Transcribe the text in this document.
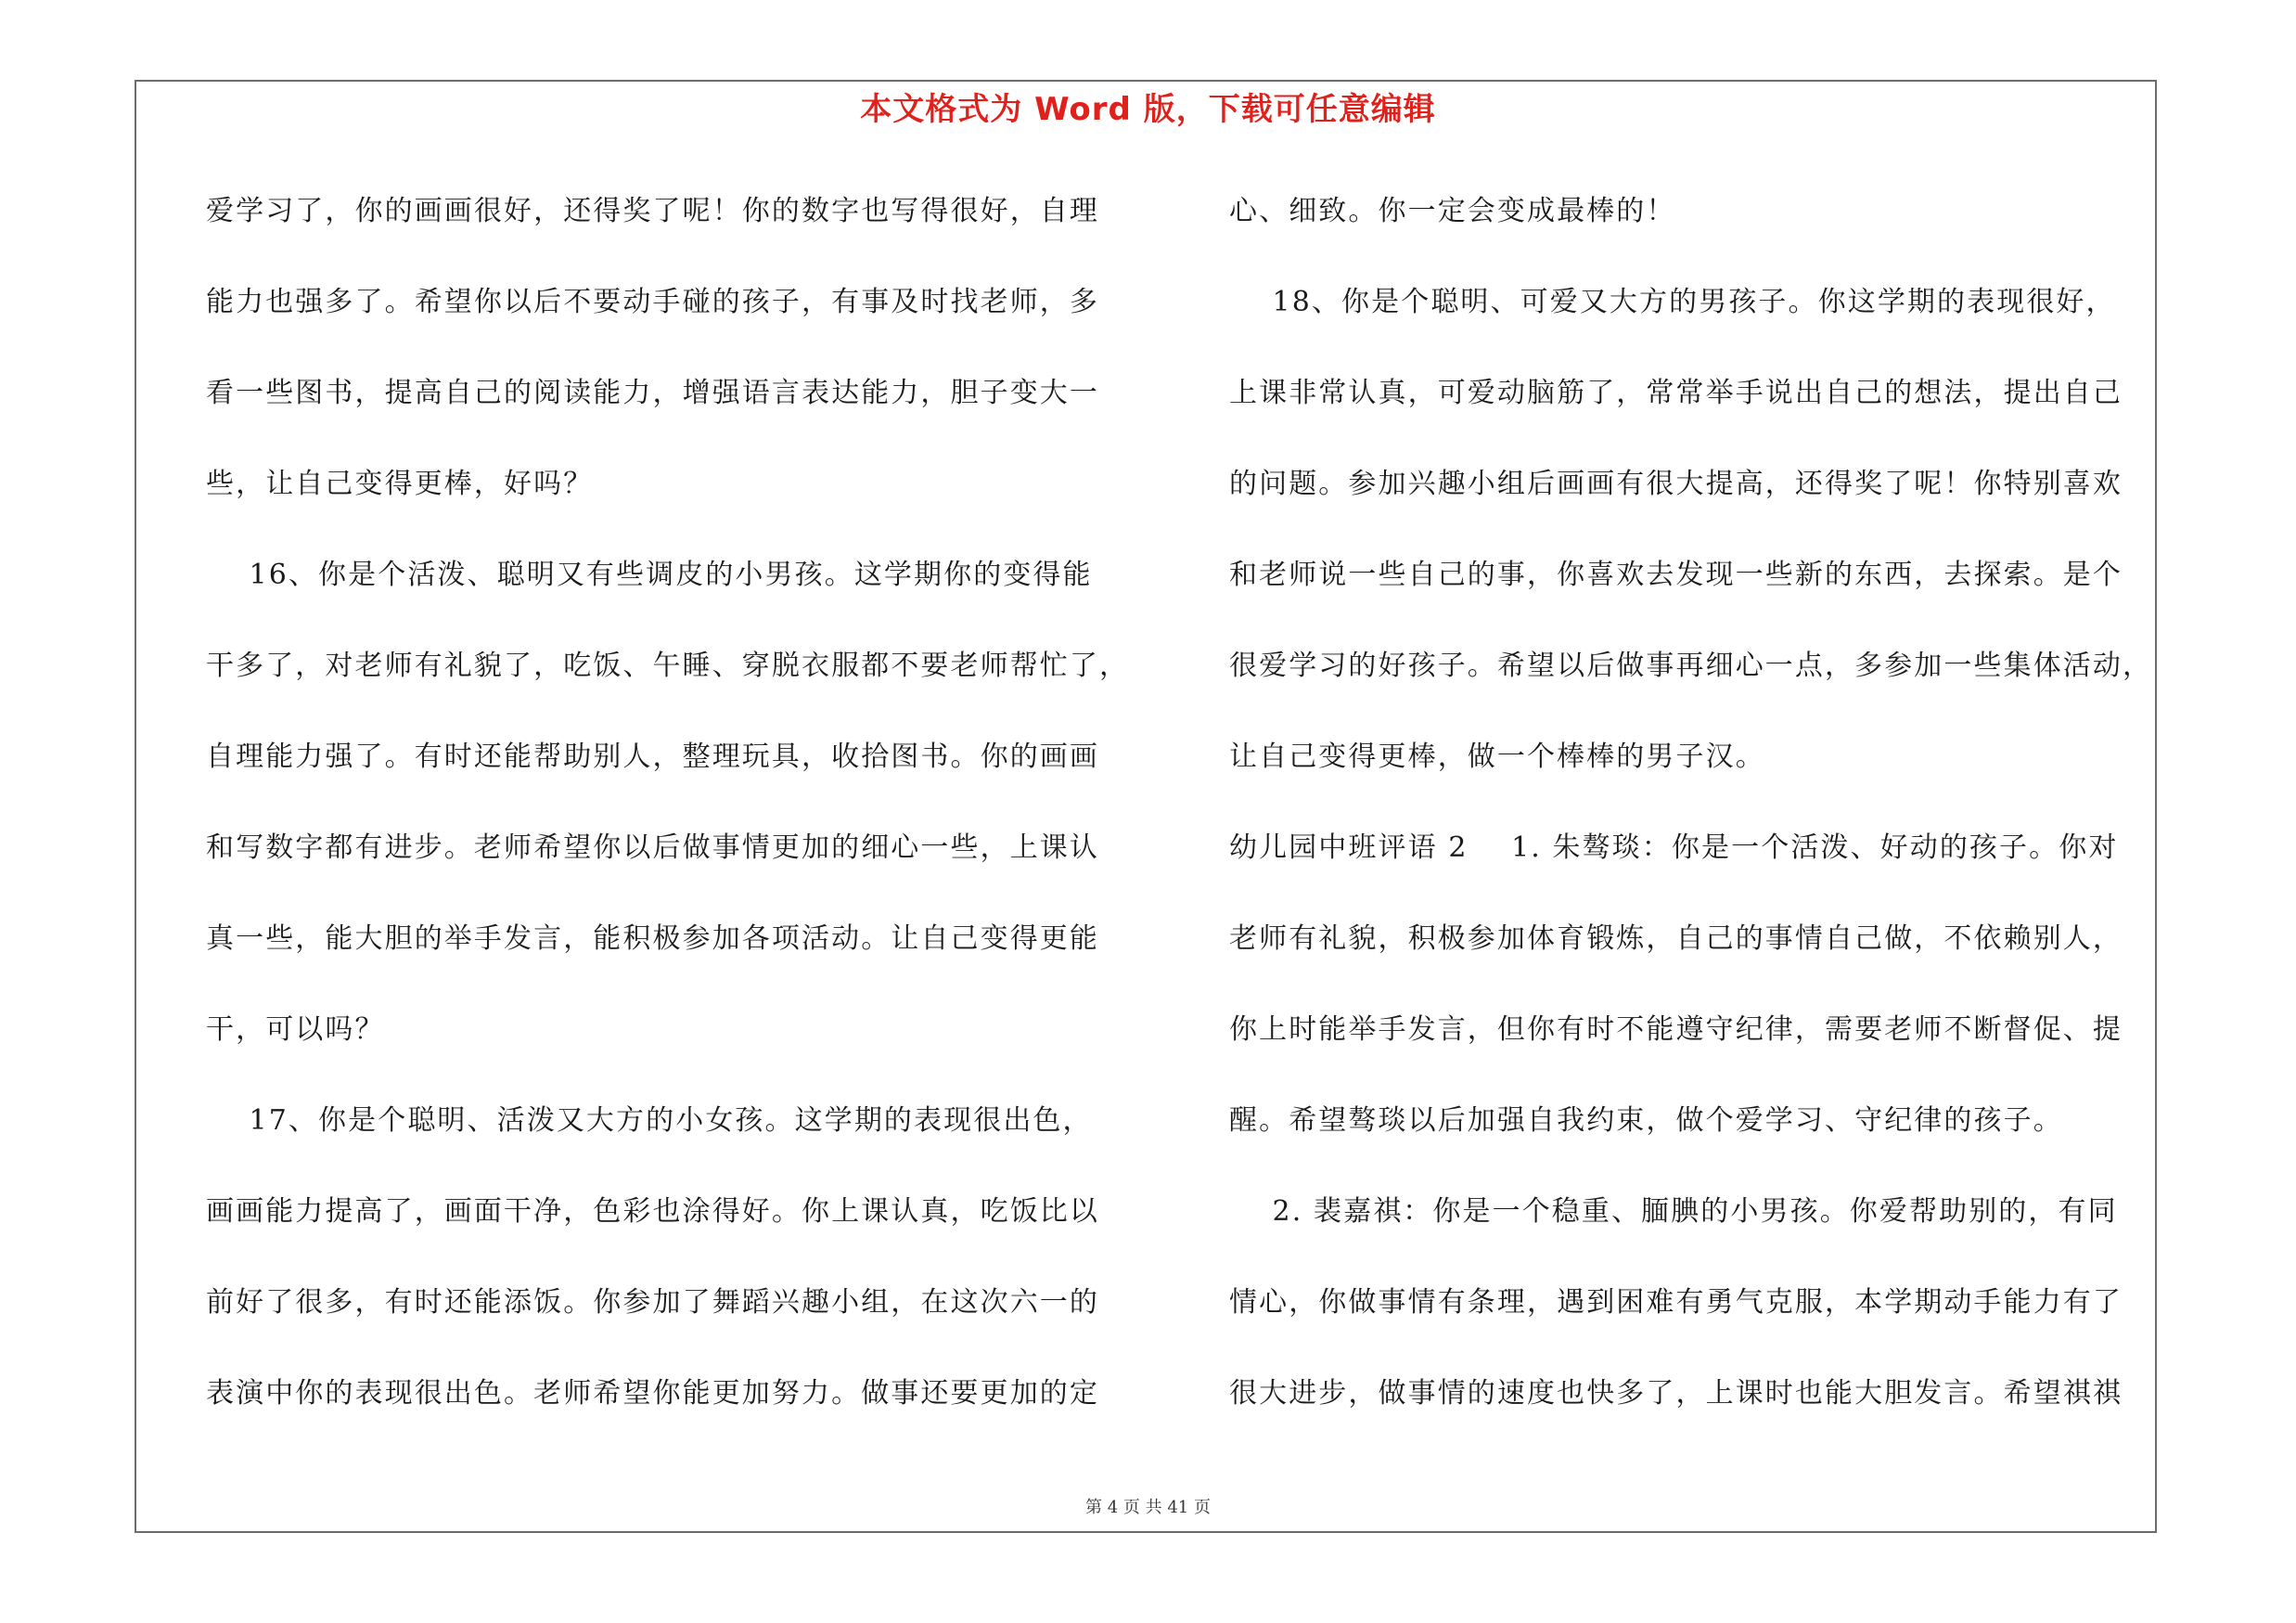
本文格式为 Word 版，下载可任意编辑
爱学习了，你的画画很好，还得奖了呢！你的数字也写得很好，自理
能力也强多了。希望你以后不要动手碰的孩子，有事及时找老师，多
看一些图书，提高自己的阅读能力，增强语言表达能力，胆子变大一
些，让自己变得更棒，好吗？
16、你是个活泼、聪明又有些调皮的小男孩。这学期你的变得能
干多了，对老师有礼貌了，吃饭、午睡、穿脱衣服都不要老师帮忙了，
自理能力强了。有时还能帮助别人，整理玩具，收拾图书。你的画画
和写数字都有进步。老师希望你以后做事情更加的细心一些，上课认
真一些，能大胆的举手发言，能积极参加各项活动。让自己变得更能
干，可以吗？
17、你是个聪明、活泼又大方的小女孩。这学期的表现很出色，
画画能力提高了，画面干净，色彩也涂得好。你上课认真，吃饭比以
前好了很多，有时还能添饭。你参加了舞蹈兴趣小组，在这次六一的
表演中你的表现很出色。老师希望你能更加努力。做事还要更加的定
心、细致。你一定会变成最棒的！
18、你是个聪明、可爱又大方的男孩子。你这学期的表现很好，
上课非常认真，可爱动脑筋了，常常举手说出自己的想法，提出自己
的问题。参加兴趣小组后画画有很大提高，还得奖了呢！你特别喜欢
和老师说一些自己的事，你喜欢去发现一些新的东西，去探索。是个
很爱学习的好孩子。希望以后做事再细心一点，多参加一些集体活动，
让自己变得更棒，做一个棒棒的男子汉。
幼儿园中班评语 2    1. 朱骜琰：你是一个活泼、好动的孩子。你对
老师有礼貌，积极参加体育锻炼，自己的事情自己做，不依赖别人，
你上时能举手发言，但你有时不能遵守纪律，需要老师不断督促、提
醒。希望骜琰以后加强自我约束，做个爱学习、守纪律的孩子。
2. 裴嘉祺：你是一个稳重、腼腆的小男孩。你爱帮助别的，有同
情心，你做事情有条理，遇到困难有勇气克服，本学期动手能力有了
很大进步，做事情的速度也快多了，上课时也能大胆发言。希望祺祺
第 4 页 共 41 页
